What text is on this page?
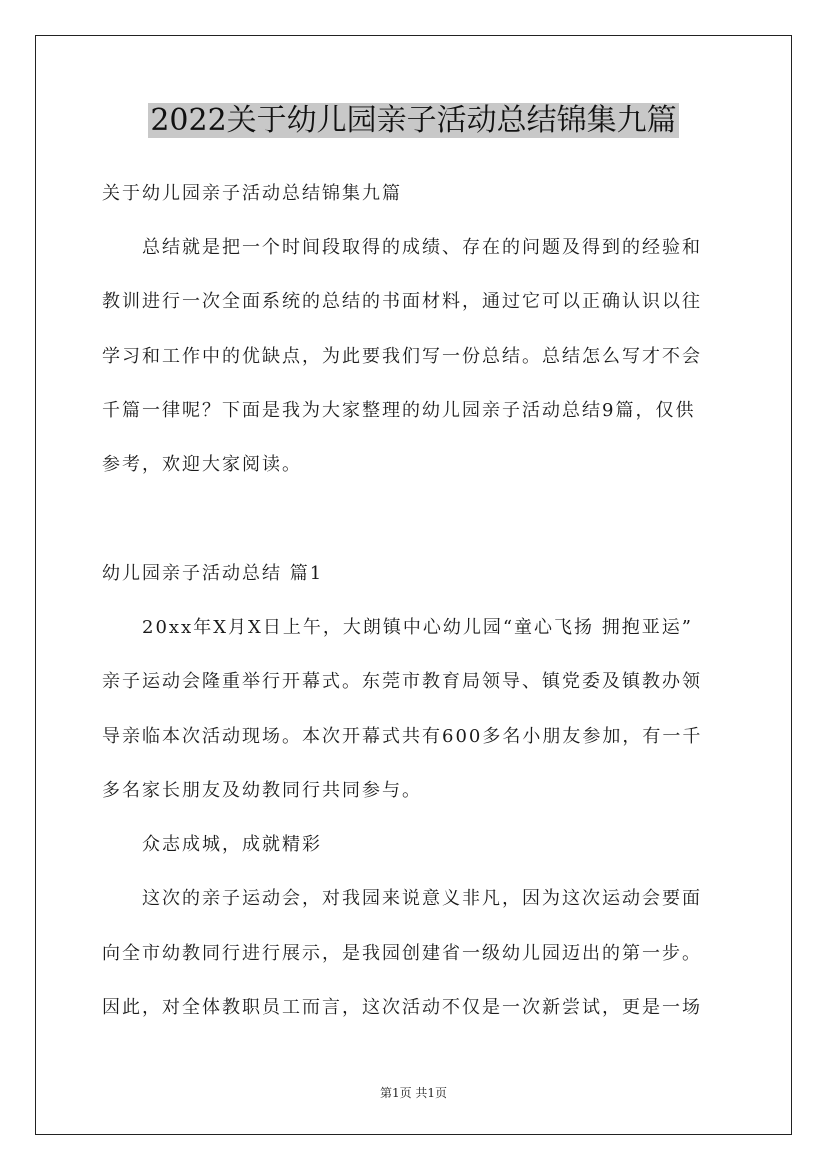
2022关于幼儿园亲子活动总结锦集九篇
关于幼儿园亲子活动总结锦集九篇
总结就是把一个时间段取得的成绩、存在的问题及得到的经验和
教训进行一次全面系统的总结的书面材料，通过它可以正确认识以往
学习和工作中的优缺点，为此要我们写一份总结。总结怎么写才不会
千篇一律呢？下面是我为大家整理的幼儿园亲子活动总结9篇，仅供
参考，欢迎大家阅读。
幼儿园亲子活动总结 篇1
20xx年X月X日上午，大朗镇中心幼儿园“童心飞扬 拥抱亚运”
亲子运动会隆重举行开幕式。东莞市教育局领导、镇党委及镇教办领
导亲临本次活动现场。本次开幕式共有600多名小朋友参加，有一千
多名家长朋友及幼教同行共同参与。
众志成城，成就精彩
这次的亲子运动会，对我园来说意义非凡，因为这次运动会要面
向全市幼教同行进行展示，是我园创建省一级幼儿园迈出的第一步。
因此，对全体教职员工而言，这次活动不仅是一次新尝试，更是一场
第1页 共1页
